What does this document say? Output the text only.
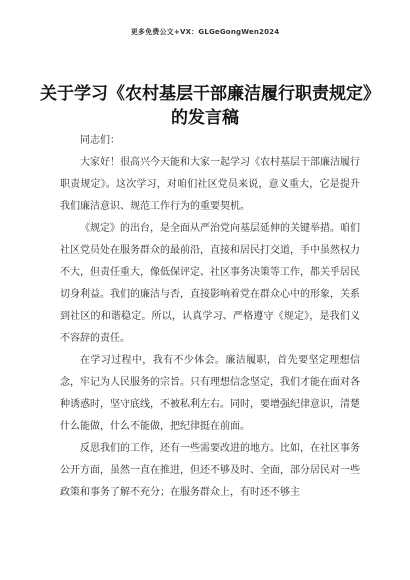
更多免费公文+VX：GLGeGongWen2024
关于学习《农村基层干部廉洁履行职责规定》
的发言稿

同志们：

大家好！很高兴今天能和大家一起学习《农村基层干部廉洁履行职责规定》。这次学习，对咱们社区党员来说，意义重大，它是提升我们廉洁意识、规范工作行为的重要契机。

《规定》的出台，是全面从严治党向基层延伸的关键举措。咱们社区党员处在服务群众的最前沿，直接和居民打交道，手中虽然权力不大，但责任重大，像低保评定、社区事务决策等工作，都关乎居民切身利益。我们的廉洁与否，直接影响着党在群众心中的形象，关系到社区的和谐稳定。所以，认真学习、严格遵守《规定》，是我们义不容辞的责任。

在学习过程中，我有不少体会。廉洁履职，首先要坚定理想信念，牢记为人民服务的宗旨。只有理想信念坚定，我们才能在面对各种诱惑时，坚守底线，不被私利左右。同时，要增强纪律意识，清楚什么能做，什么不能做，把纪律挺在前面。

反思我们的工作，还有一些需要改进的地方。比如，在社区事务公开方面，虽然一直在推进，但还不够及时、全面，部分居民对一些政策和事务了解不充分；在服务群众上，有时还不够主
